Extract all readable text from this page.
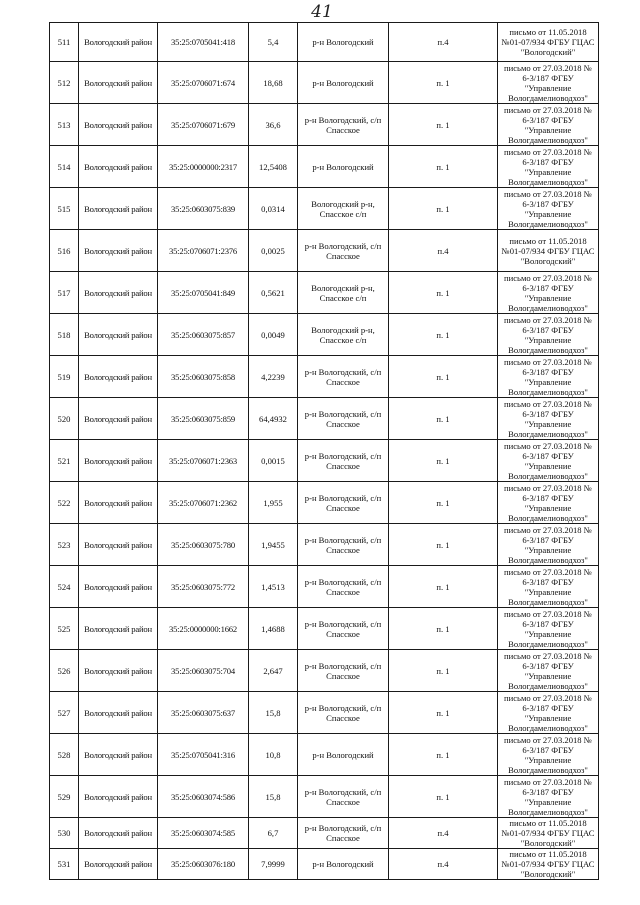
41
511	Вологодский район	35:25:0705041:418	5,4	р-н Вологодский	п.4	письмо от 11.05.2018 №01-07/934 ФГБУ ГЦАС "Вологодский"
512	Вологодский район	35:25:0706071:674	18,68	р-н Вологодский	п. 1	письмо от 27.03.2018 № 6-3/187 ФГБУ "Управление Вологдамелиоводхоз"
513	Вологодский район	35:25:0706071:679	36,6	р-н Вологодский, с/п Спасское	п. 1	письмо от 27.03.2018 № 6-3/187 ФГБУ "Управление Вологдамелиоводхоз"
514	Вологодский район	35:25:0000000:2317	12,5408	р-н Вологодский	п. 1	письмо от 27.03.2018 № 6-3/187 ФГБУ "Управление Вологдамелиоводхоз"
515	Вологодский район	35:25:0603075:839	0,0314	Вологодский р-н, Спасское с/п	п. 1	письмо от 27.03.2018 № 6-3/187 ФГБУ "Управление Вологдамелиоводхоз"
516	Вологодский район	35:25:0706071:2376	0,0025	р-н Вологодский, с/п Спасское	п.4	письмо от 11.05.2018 №01-07/934 ФГБУ ГЦАС "Вологодский"
517	Вологодский район	35:25:0705041:849	0,5621	Вологодский р-н, Спасское с/п	п. 1	письмо от 27.03.2018 № 6-3/187 ФГБУ "Управление Вологдамелиоводхоз"
518	Вологодский район	35:25:0603075:857	0,0049	Вологодский р-н, Спасское с/п	п. 1	письмо от 27.03.2018 № 6-3/187 ФГБУ "Управление Вологдамелиоводхоз"
519	Вологодский район	35:25:0603075:858	4,2239	р-н Вологодский, с/п Спасское	п. 1	письмо от 27.03.2018 № 6-3/187 ФГБУ "Управление Вологдамелиоводхоз"
520	Вологодский район	35:25:0603075:859	64,4932	р-н Вологодский, с/п Спасское	п. 1	письмо от 27.03.2018 № 6-3/187 ФГБУ "Управление Вологдамелиоводхоз"
521	Вологодский район	35:25:0706071:2363	0,0015	р-н Вологодский, с/п Спасское	п. 1	письмо от 27.03.2018 № 6-3/187 ФГБУ "Управление Вологдамелиоводхоз"
522	Вологодский район	35:25:0706071:2362	1,955	р-н Вологодский, с/п Спасское	п. 1	письмо от 27.03.2018 № 6-3/187 ФГБУ "Управление Вологдамелиоводхоз"
523	Вологодский район	35:25:0603075:780	1,9455	р-н Вологодский, с/п Спасское	п. 1	письмо от 27.03.2018 № 6-3/187 ФГБУ "Управление Вологдамелиоводхоз"
524	Вологодский район	35:25:0603075:772	1,4513	р-н Вологодский, с/п Спасское	п. 1	письмо от 27.03.2018 № 6-3/187 ФГБУ "Управление Вологдамелиоводхоз"
525	Вологодский район	35:25:0000000:1662	1,4688	р-н Вологодский, с/п Спасское	п. 1	письмо от 27.03.2018 № 6-3/187 ФГБУ "Управление Вологдамелиоводхоз"
526	Вологодский район	35:25:0603075:704	2,647	р-н Вологодский, с/п Спасское	п. 1	письмо от 27.03.2018 № 6-3/187 ФГБУ "Управление Вологдамелиоводхоз"
527	Вологодский район	35:25:0603075:637	15,8	р-н Вологодский, с/п Спасское	п. 1	письмо от 27.03.2018 № 6-3/187 ФГБУ "Управление Вологдамелиоводхоз"
528	Вологодский район	35:25:0705041:316	10,8	р-н Вологодский	п. 1	письмо от 27.03.2018 № 6-3/187 ФГБУ "Управление Вологдамелиоводхоз"
529	Вологодский район	35:25:0603074:586	15,8	р-н Вологодский, с/п Спасское	п. 1	письмо от 27.03.2018 № 6-3/187 ФГБУ "Управление Вологдамелиоводхоз"
530	Вологодский район	35:25:0603074:585	6,7	р-н Вологодский, с/п Спасское	п.4	письмо от 11.05.2018 №01-07/934 ФГБУ ГЦАС "Вологодский"
531	Вологодский район	35:25:0603076:180	7,9999	р-н Вологодский	п.4	письмо от 11.05.2018 №01-07/934 ФГБУ ГЦАС "Вологодский"
